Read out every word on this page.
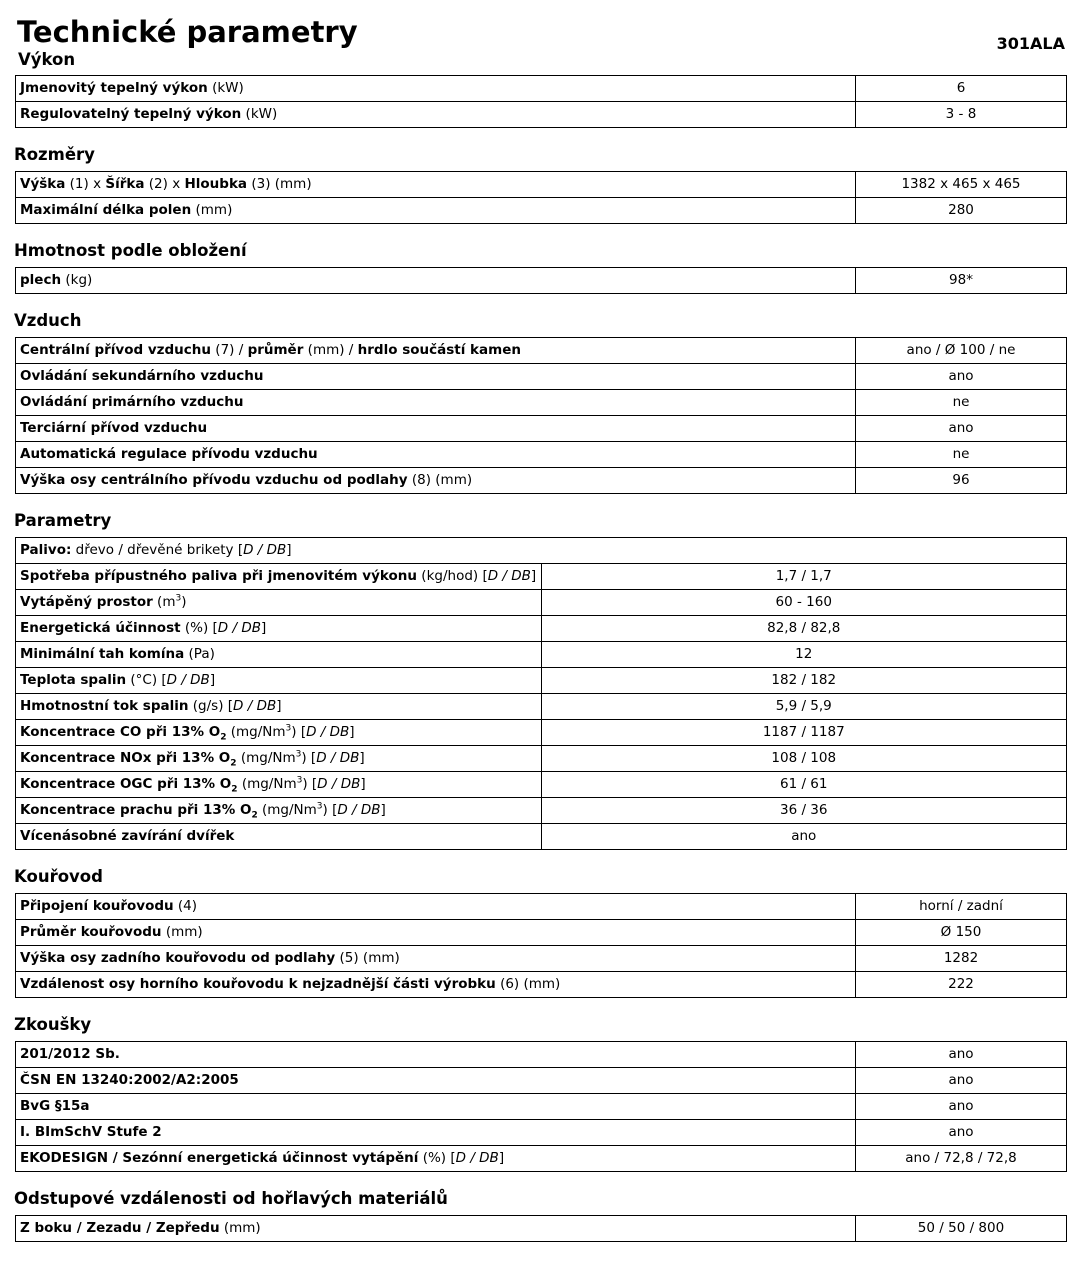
Technické parametry	301ALA
Výkon
Jmenovitý tepelný výkon (kW)	6
Regulovatelný tepelný výkon (kW)	3 - 8
Rozměry
Výška (1) x Šířka (2) x Hloubka (3) (mm)	1382 x 465 x 465
Maximální délka polen (mm)	280
Hmotnost podle obložení
plech (kg)	98*
Vzduch
Centrální přívod vzduchu (7) / průměr (mm) / hrdlo součástí kamen	ano / Ø 100 / ne
Ovládání sekundárního vzduchu	ano
Ovládání primárního vzduchu	ne
Terciární přívod vzduchu	ano
Automatická regulace přívodu vzduchu	ne
Výška osy centrálního přívodu vzduchu od podlahy (8) (mm)	96
Parametry
Palivo: dřevo / dřevěné brikety [D / DB]	
Spotřeba přípustného paliva při jmenovitém výkonu (kg/hod) [D / DB]	1,7 / 1,7
Vytápěný prostor $(m^3)$	60 - 160
Energetická účinnost (%) [D / DB]	82,8 / 82,8
Minimální tah komína (Pa)	12
Teplota spalin (°C) [D / DB]	182 / 182
Hmotnostní tok spalin (g/s) [D / DB]	5,9 / 5,9
Koncentrace CO při 13% $O_2$ (mg/Nm$^3$) [D / DB]	1187 / 1187
Koncentrace NOx při 13% $O_2$ (mg/Nm$^3$) [D / DB]	108 / 108
Koncentrace OGC při 13% $O_2$ (mg/Nm$^3$) [D / DB]	61 / 61
Koncentrace prachu při 13% $O_2$ (mg/Nm$^3$) [D / DB]	36 / 36
Vícenásobné zavírání dvířek	ano
Kouřovod
Připojení kouřovodu (4)	horní / zadní
Průměr kouřovodu (mm)	Ø 150
Výška osy zadního kouřovodu od podlahy (5) (mm)	1282
Vzdálenost osy horního kouřovodu k nejzadnější části výrobku (6) (mm)	222
Zkoušky
201/2012 Sb.	ano
ČSN EN 13240:2002/A2:2005	ano
BvG §15a	ano
I. BImSchV Stufe 2	ano
EKODESIGN / Sezónní energetická účinnost vytápění (%) [D / DB]	ano / 72,8 / 72,8
Odstupové vzdálenosti od hořlavých materiálů
Z boku / Zezadu / Zepředu (mm)	50 / 50 / 800
